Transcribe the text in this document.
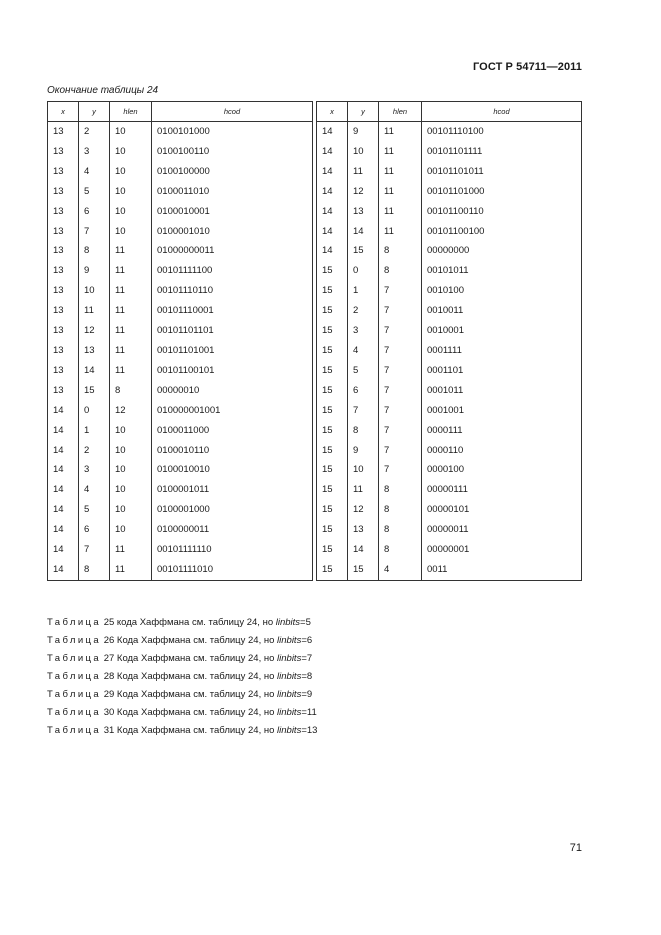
ГОСТ Р 54711—2011
Окончание таблицы 24
x	y	hlen	hcod
13	2	10	0100101000
13	3	10	0100100110
13	4	10	0100100000
13	5	10	0100011010
13	6	10	0100010001
13	7	10	0100001010
13	8	11	01000000011
13	9	11	00101111100
13	10	11	00101110110
13	11	11	00101110001
13	12	11	00101101101
13	13	11	00101101001
13	14	11	00101100101
13	15	8	00000010
14	0	12	010000001001
14	1	10	0100011000
14	2	10	0100010110
14	3	10	0100010010
14	4	10	0100001011
14	5	10	0100001000
14	6	10	0100000011
14	7	11	00101111110
14	8	11	00101111010
x	y	hlen	hcod
14	9	11	00101110100
14	10	11	00101101111
14	11	11	00101101011
14	12	11	00101101000
14	13	11	00101100110
14	14	11	00101100100
14	15	8	00000000
15	0	8	00101011
15	1	7	0010100
15	2	7	0010011
15	3	7	0010001
15	4	7	0001111
15	5	7	0001101
15	6	7	0001011
15	7	7	0001001
15	8	7	0000111
15	9	7	0000110
15	10	7	0000100
15	11	8	00000111
15	12	8	00000101
15	13	8	00000011
15	14	8	00000001
15	15	4	0011
Таблица 25 кода Хаффмана см. таблицу 24, но linbits=5
Таблица 26 Кода Хаффмана см. таблицу 24, но linbits=6
Таблица 27 Кода Хаффмана см. таблицу 24, но linbits=7
Таблица 28 Кода Хаффмана см. таблицу 24, но linbits=8
Таблица 29 Кода Хаффмана см. таблицу 24, но linbits=9
Таблица 30 Кода Хаффмана см. таблицу 24, но linbits=11
Таблица 31 Кода Хаффмана см. таблицу 24, но linbits=13
71
